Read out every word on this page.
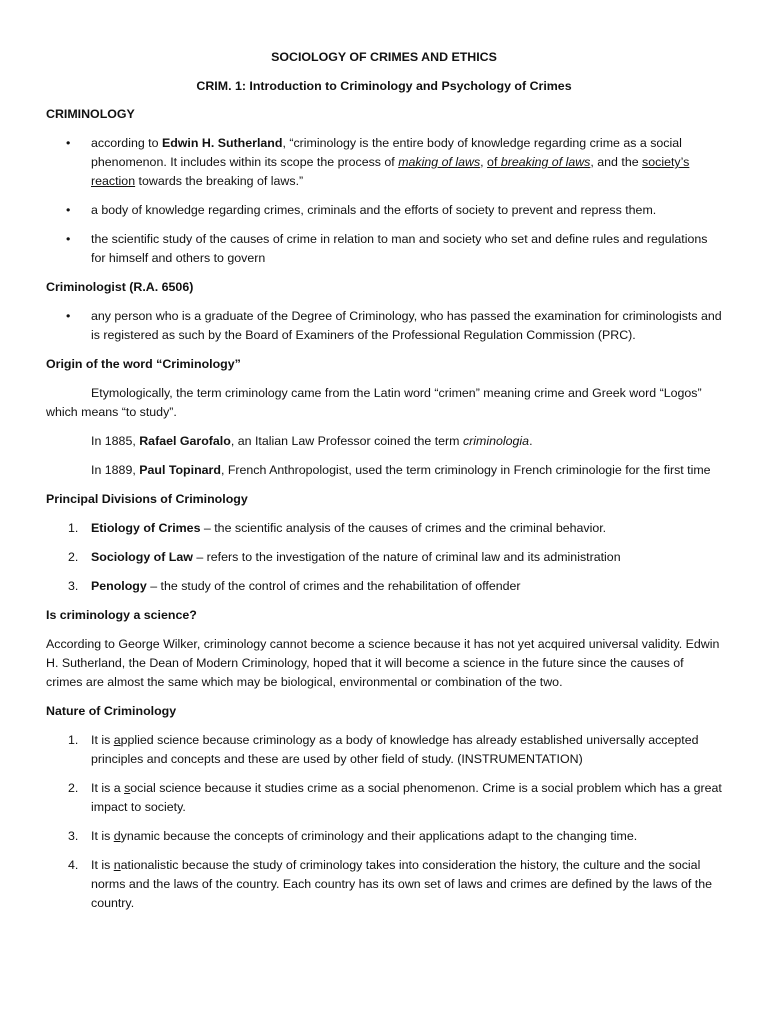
SOCIOLOGY OF CRIMES AND ETHICS

CRIM. 1: Introduction to Criminology and Psychology of Crimes

CRIMINOLOGY

• according to Edwin H. Sutherland, “criminology is the entire body of knowledge regarding crime as a social phenomenon. It includes within its scope the process of making of laws, of breaking of laws, and the society’s reaction towards the breaking of laws.”
• a body of knowledge regarding crimes, criminals and the efforts of society to prevent and repress them.
• the scientific study of the causes of crime in relation to man and society who set and define rules and regulations for himself and others to govern

Criminologist (R.A. 6506)

• any person who is a graduate of the Degree of Criminology, who has passed the examination for criminologists and is registered as such by the Board of Examiners of the Professional Regulation Commission (PRC).

Origin of the word “Criminology”

Etymologically, the term criminology came from the Latin word “crimen” meaning crime and Greek word “Logos” which means “to study”.

In 1885, Rafael Garofalo, an Italian Law Professor coined the term criminologia.

In 1889, Paul Topinard, French Anthropologist, used the term criminology in French criminologie for the first time

Principal Divisions of Criminology

1. Etiology of Crimes – the scientific analysis of the causes of crimes and the criminal behavior.
2. Sociology of Law – refers to the investigation of the nature of criminal law and its administration
3. Penology – the study of the control of crimes and the rehabilitation of offender

Is criminology a science?

According to George Wilker, criminology cannot become a science because it has not yet acquired universal validity. Edwin H. Sutherland, the Dean of Modern Criminology, hoped that it will become a science in the future since the causes of crimes are almost the same which may be biological, environmental or combination of the two.

Nature of Criminology

1. It is applied science because criminology as a body of knowledge has already established universally accepted principles and concepts and these are used by other field of study. (INSTRUMENTATION)
2. It is a social science because it studies crime as a social phenomenon. Crime is a social problem which has a great impact to society.
3. It is dynamic because the concepts of criminology and their applications adapt to the changing time.
4. It is nationalistic because the study of criminology takes into consideration the history, the culture and the social norms and the laws of the country. Each country has its own set of laws and crimes are defined by the laws of the country.
